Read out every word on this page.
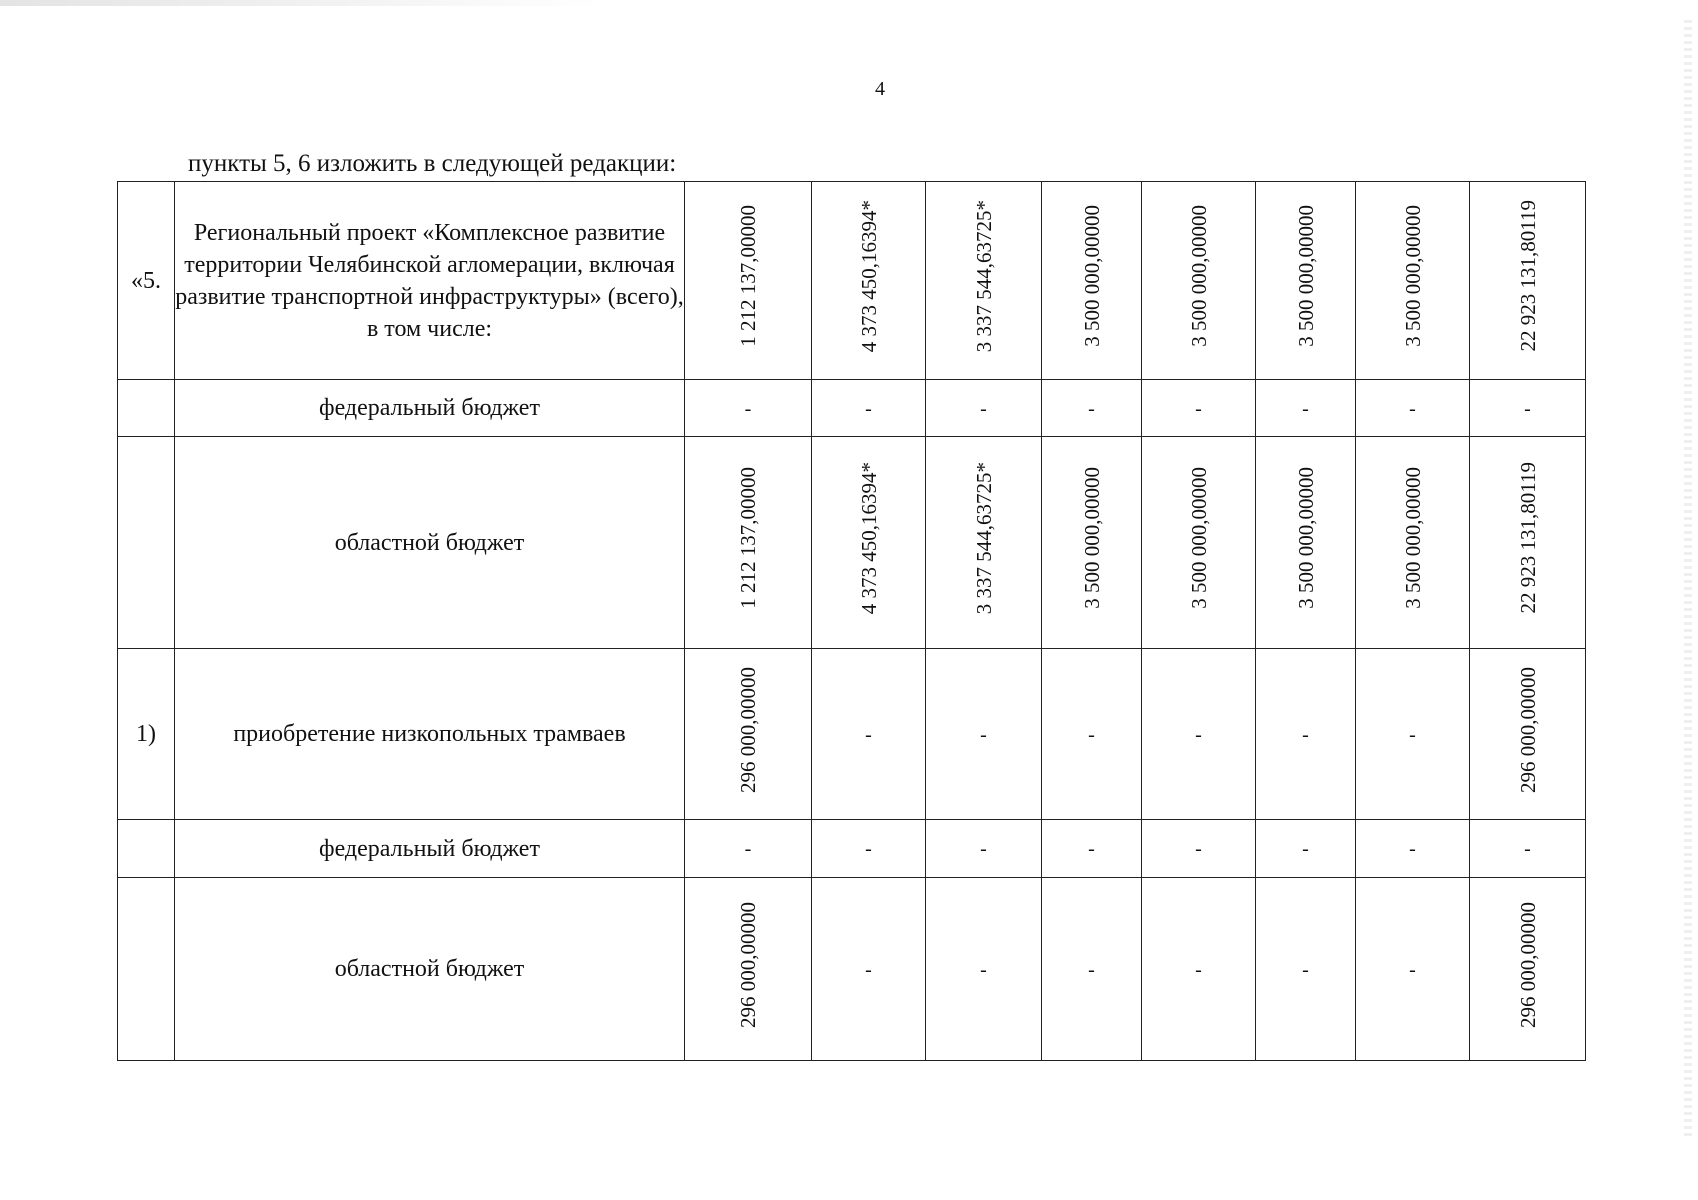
4
пункты 5, 6 изложить в следующей редакции:
«5.	Региональный проект «Комплексное развитие территории Челябинской агломерации, включая развитие транспортной инфраструктуры» (всего), в том числе:	1 212 137,00000	4 373 450,16394*	3 337 544,63725*	3 500 000,00000	3 500 000,00000	3 500 000,00000	3 500 000,00000	22 923 131,80119
	федеральный бюджет	-	-	-	-	-	-	-	-
	областной бюджет	1 212 137,00000	4 373 450,16394*	3 337 544,63725*	3 500 000,00000	3 500 000,00000	3 500 000,00000	3 500 000,00000	22 923 131,80119
1)	приобретение низкопольных трамваев	296 000,00000	-	-	-	-	-	-	296 000,00000
	федеральный бюджет	-	-	-	-	-	-	-	-
	областной бюджет	296 000,00000	-	-	-	-	-	-	296 000,00000
